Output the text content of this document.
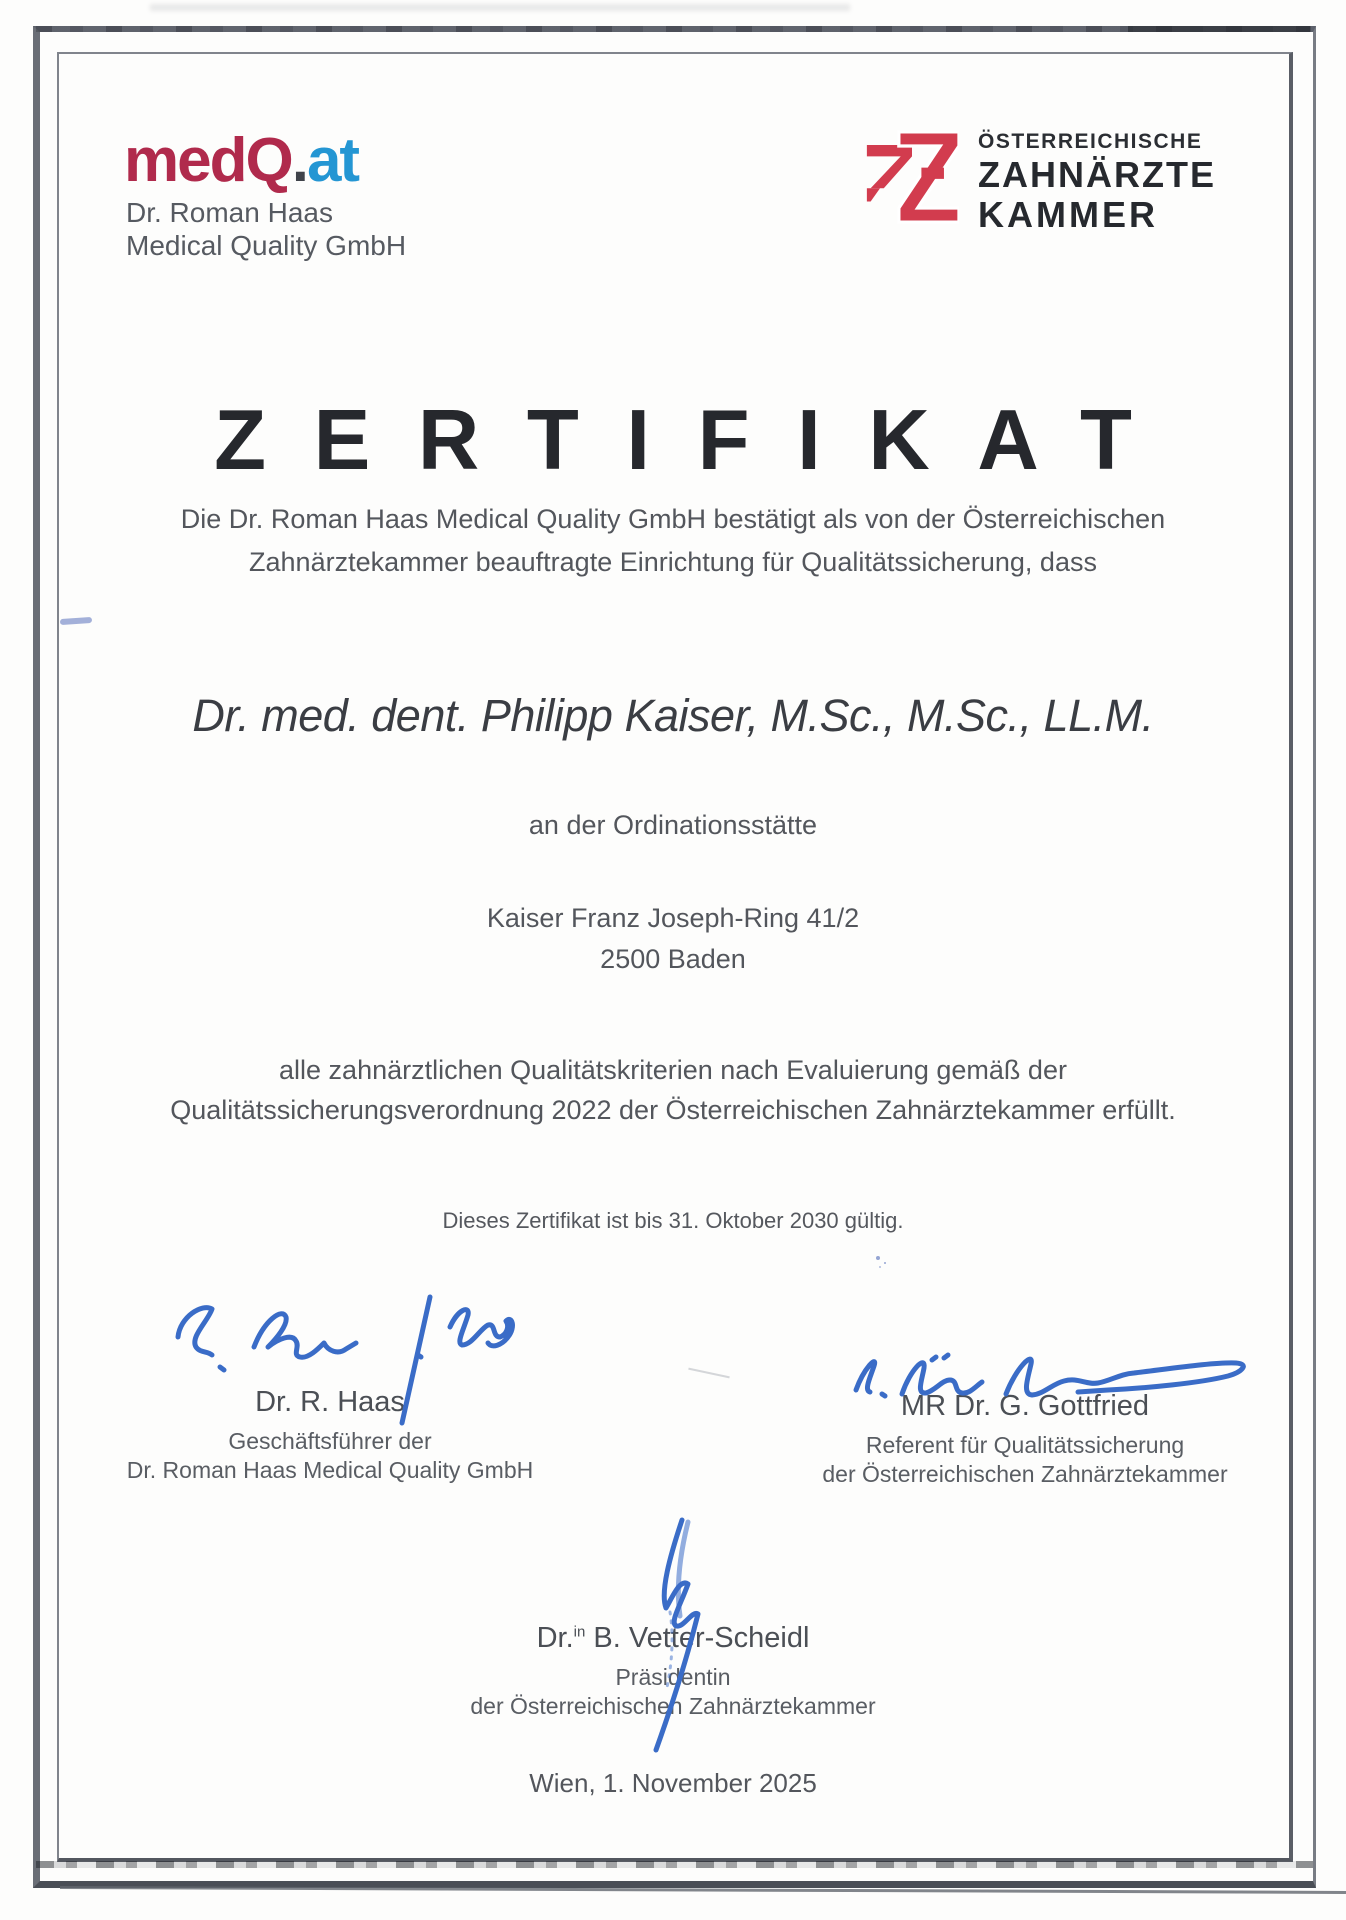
medQ.at
Dr. Roman Haas
Medical Quality GmbH
ÖSTERREICHISCHE
ZAHNÄRZTE
KAMMER
ZERTIFIKAT
Die Dr. Roman Haas Medical Quality GmbH bestätigt als von der Österreichischen
Zahnärztekammer beauftragte Einrichtung für Qualitätssicherung, dass
Dr. med. dent. Philipp Kaiser, M.Sc., M.Sc., LL.M.
an der Ordinationsstätte
Kaiser Franz Joseph-Ring 41/2
2500 Baden
alle zahnärztlichen Qualitätskriterien nach Evaluierung gemäß der
Qualitätssicherungsverordnung 2022 der Österreichischen Zahnärztekammer erfüllt.
Dieses Zertifikat ist bis 31. Oktober 2030 gültig.
Dr. R. Haas
Geschäftsführer der
Dr. Roman Haas Medical Quality GmbH
MR Dr. G. Gottfried
Referent für Qualitätssicherung
der Österreichischen Zahnärztekammer
Dr.$^{in}$ B. Vetter-Scheidl
Präsidentin
der Österreichischen Zahnärztekammer
Wien, 1. November 2025
